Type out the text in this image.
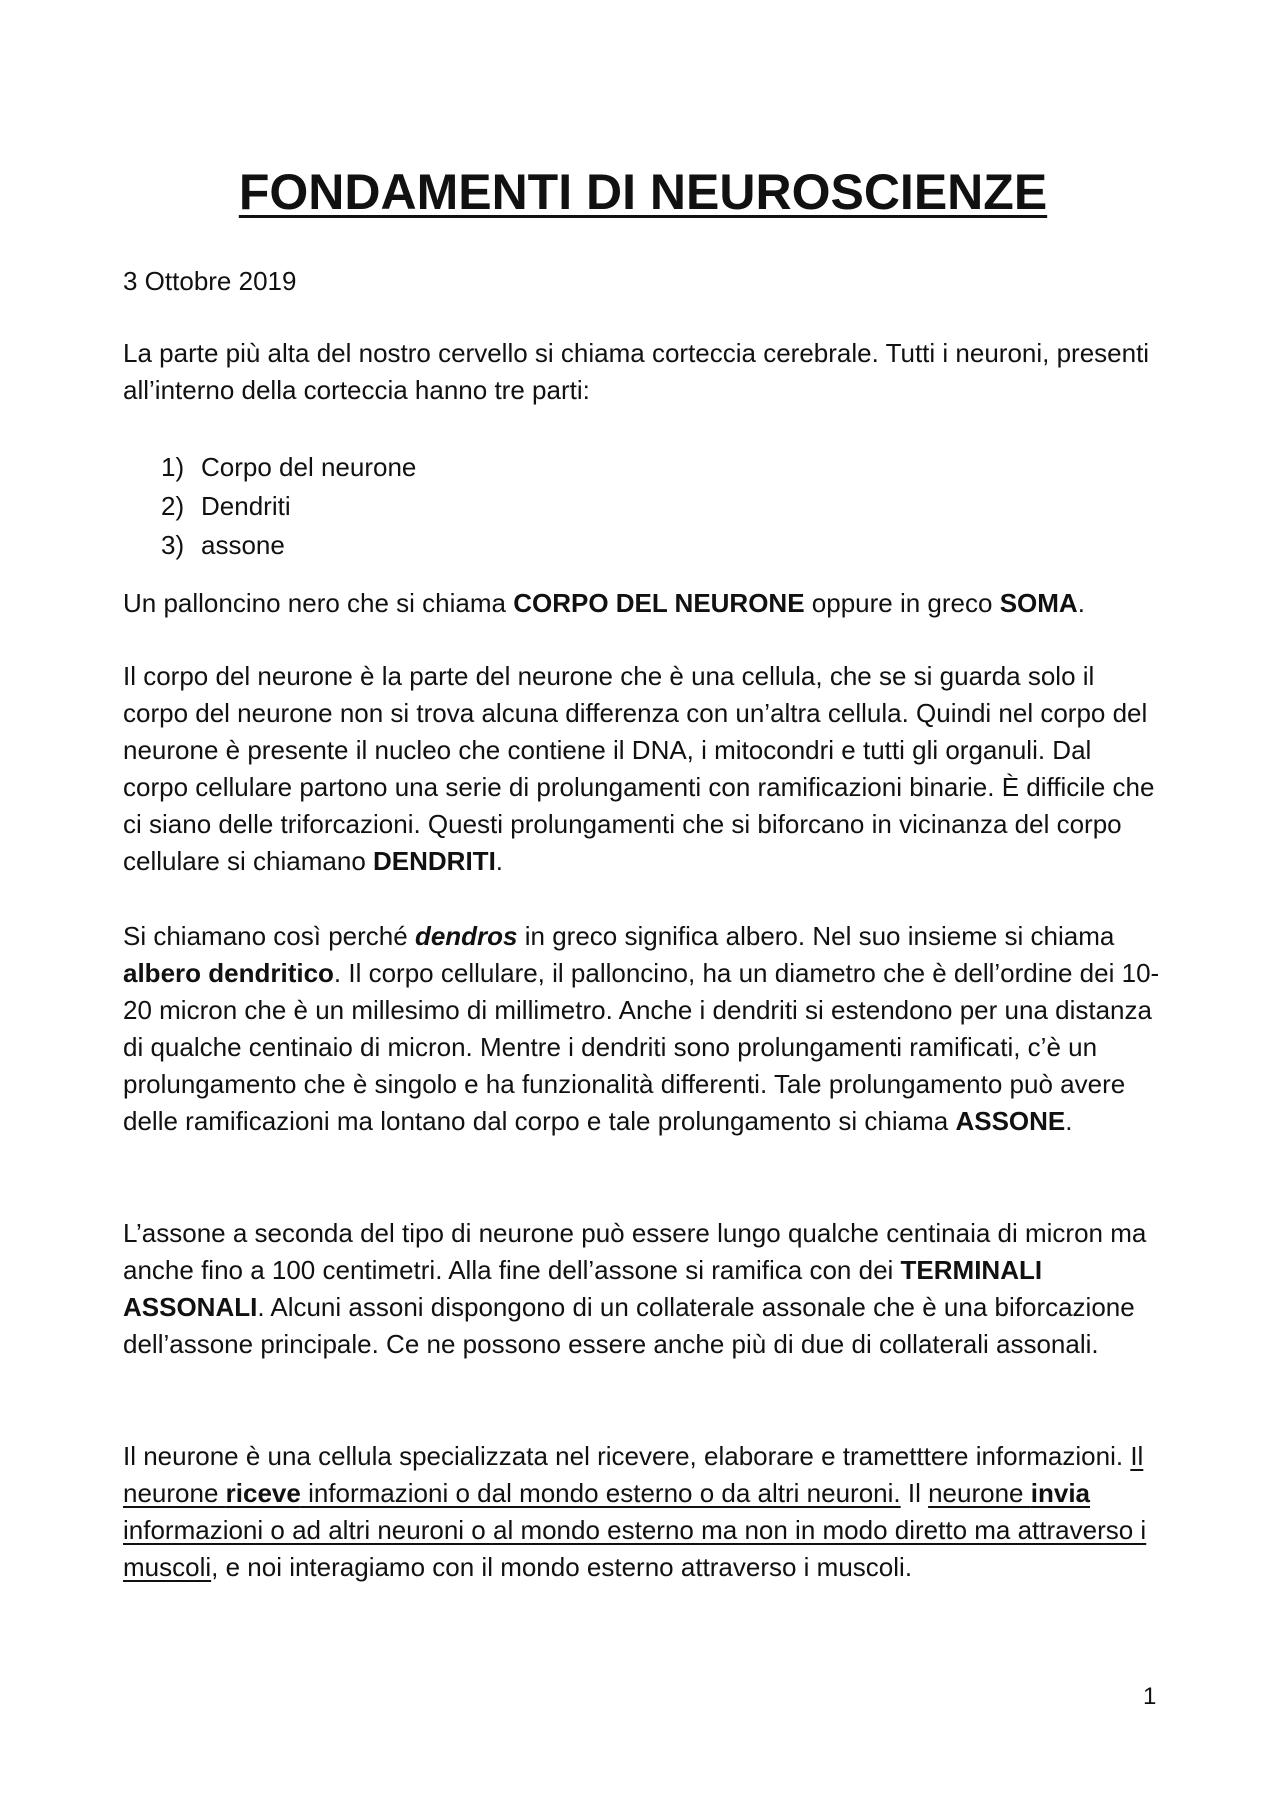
FONDAMENTI DI NEUROSCIENZE

3 Ottobre 2019

La parte più alta del nostro cervello si chiama corteccia cerebrale. Tutti i neuroni, presenti all’interno della corteccia hanno tre parti:

1) Corpo del neurone
2) Dendriti
3) assone

Un palloncino nero che si chiama CORPO DEL NEURONE oppure in greco SOMA.

Il corpo del neurone è la parte del neurone che è una cellula, che se si guarda solo il corpo del neurone non si trova alcuna differenza con un’altra cellula. Quindi nel corpo del neurone è presente il nucleo che contiene il DNA, i mitocondri e tutti gli organuli. Dal corpo cellulare partono una serie di prolungamenti con ramificazioni binarie. È difficile che ci siano delle triforcazioni. Questi prolungamenti che si biforcano in vicinanza del corpo cellulare si chiamano DENDRITI.

Si chiamano così perché dendros in greco significa albero. Nel suo insieme si chiama albero dendritico. Il corpo cellulare, il palloncino, ha un diametro che è dell’ordine dei 10-20 micron che è un millesimo di millimetro. Anche i dendriti si estendono per una distanza di qualche centinaio di micron. Mentre i dendriti sono prolungamenti ramificati, c’è un prolungamento che è singolo e ha funzionalità differenti. Tale prolungamento può avere delle ramificazioni ma lontano dal corpo e tale prolungamento si chiama ASSONE.

L’assone a seconda del tipo di neurone può essere lungo qualche centinaia di micron ma anche fino a 100 centimetri. Alla fine dell’assone si ramifica con dei TERMINALI ASSONALI. Alcuni assoni dispongono di un collaterale assonale che è una biforcazione dell’assone principale. Ce ne possono essere anche più di due di collaterali assonali.

Il neurone è una cellula specializzata nel ricevere, elaborare e trametttere informazioni. Il neurone riceve informazioni o dal mondo esterno o da altri neuroni. Il neurone invia informazioni o ad altri neuroni o al mondo esterno ma non in modo diretto ma attraverso i muscoli, e noi interagiamo con il mondo esterno attraverso i muscoli.

1
